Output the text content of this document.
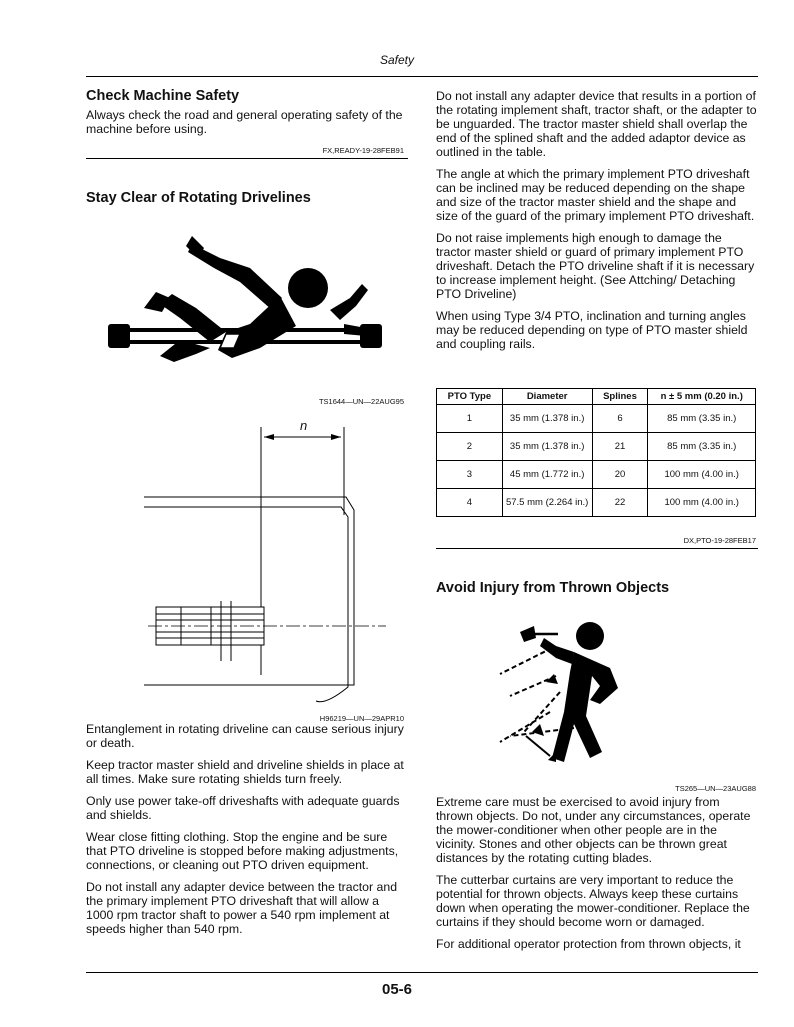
Safety
Check Machine Safety
Always check the road and general operating safety of the machine before using.
FX,READY-19-28FEB91
Stay Clear of Rotating Drivelines
TS1644—UN—22AUG95
n
H96219—UN—29APR10
Entanglement in rotating driveline can cause serious injury or death.
Keep tractor master shield and driveline shields in place at all times. Make sure rotating shields turn freely.
Only use power take-off driveshafts with adequate guards and shields.
Wear close fitting clothing. Stop the engine and be sure that PTO driveline is stopped before making adjustments, connections, or cleaning out PTO driven equipment.
Do not install any adapter device between the tractor and the primary implement PTO driveshaft that will allow a 1000 rpm tractor shaft to power a 540 rpm implement at speeds higher than 540 rpm.
Do not install any adapter device that results in a portion of the rotating implement shaft, tractor shaft, or the adapter to be unguarded. The tractor master shield shall overlap the end of the splined shaft and the added adaptor device as outlined in the table.
The angle at which the primary implement PTO driveshaft can be inclined may be reduced depending on the shape and size of the tractor master shield and the shape and size of the guard of the primary implement PTO driveshaft.
Do not raise implements high enough to damage the tractor master shield or guard of primary implement PTO driveshaft. Detach the PTO driveline shaft if it is necessary to increase implement height. (See Attching/ Detaching PTO Driveline)
When using Type 3/4 PTO, inclination and turning angles may be reduced depending on type of PTO master shield and coupling rails.
PTO Type	Diameter	Splines	n ± 5 mm (0.20 in.)
1	35 mm (1.378 in.)	6	85 mm (3.35 in.)
2	35 mm (1.378 in.)	21	85 mm (3.35 in.)
3	45 mm (1.772 in.)	20	100 mm (4.00 in.)
4	57.5 mm (2.264 in.)	22	100 mm (4.00 in.)
DX,PTO-19-28FEB17
Avoid Injury from Thrown Objects
TS265—UN—23AUG88
Extreme care must be exercised to avoid injury from thrown objects. Do not, under any circumstances, operate the mower-conditioner when other people are in the vicinity. Stones and other objects can be thrown great distances by the rotating cutting blades.
The cutterbar curtains are very important to reduce the potential for thrown objects. Always keep these curtains down when operating the mower-conditioner. Replace the curtains if they should become worn or damaged.
For additional operator protection from thrown objects, it
05-6
